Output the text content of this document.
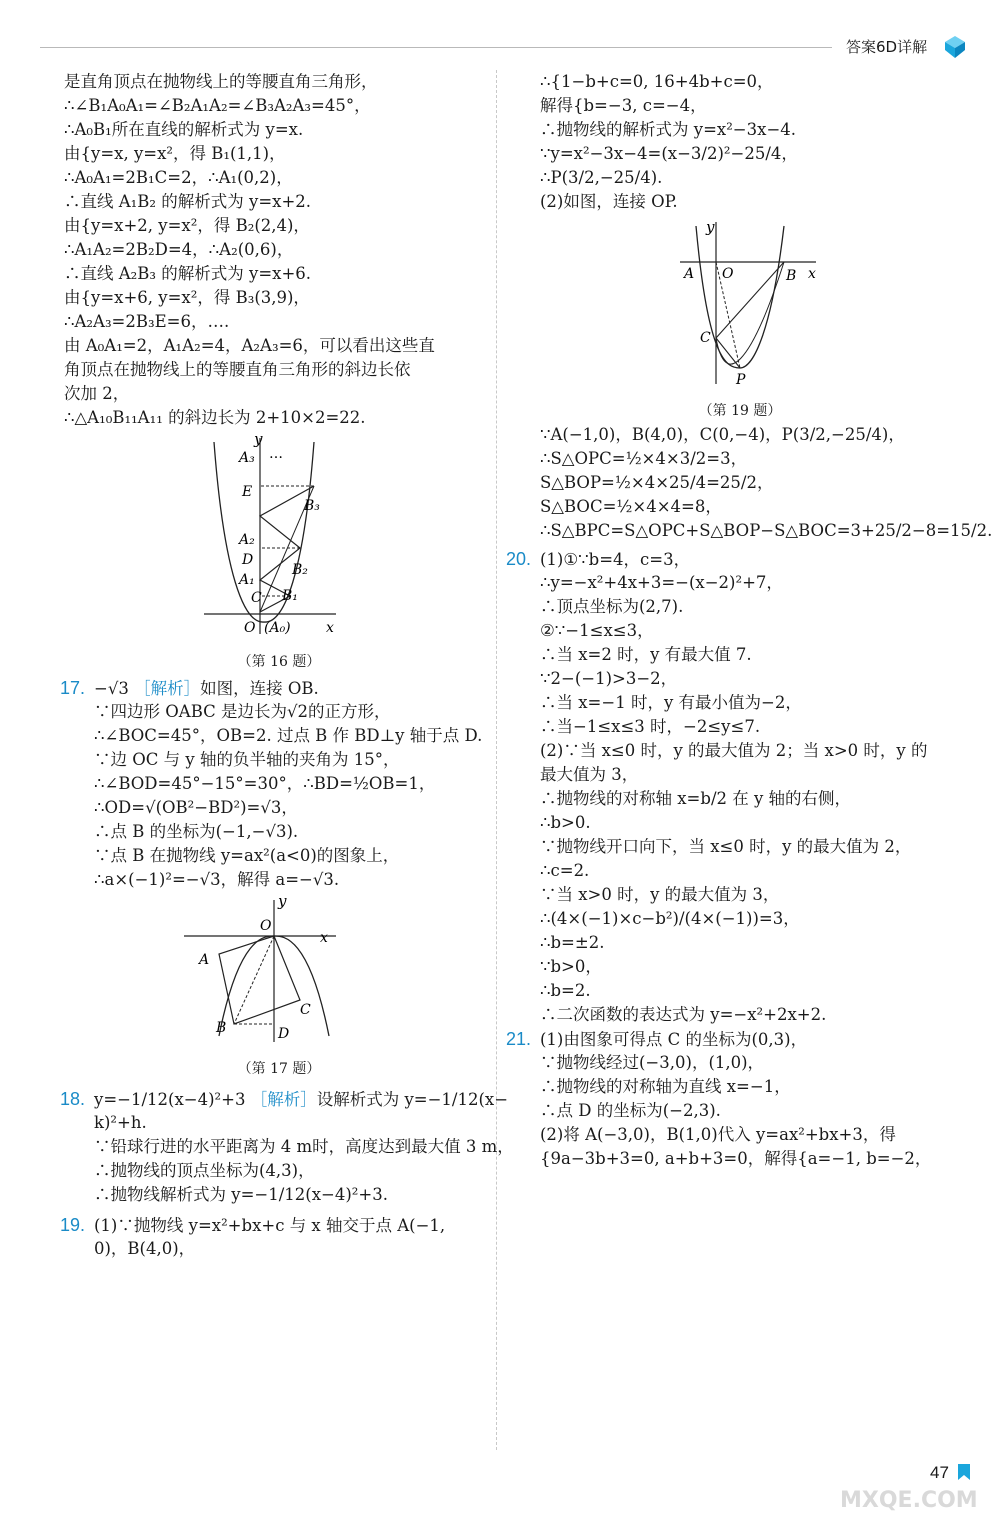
答案6D详解
是直角顶点在抛物线上的等腰直角三角形，
∴∠B₁A₀A₁=∠B₂A₁A₂=∠B₃A₂A₃=45°，
∴A₀B₁所在直线的解析式为 y=x.
由{y=x, y=x²，得 B₁(1,1)，
∴A₀A₁=2B₁C=2，∴A₁(0,2)，
∴直线 A₁B₂ 的解析式为 y=x+2.
由{y=x+2, y=x²，得 B₂(2,4)，
∴A₁A₂=2B₂D=4，∴A₂(0,6)，
∴直线 A₂B₃ 的解析式为 y=x+6.
由{y=x+6, y=x²，得 B₃(3,9)，
∴A₂A₃=2B₃E=6，….
由 A₀A₁=2，A₁A₂=4，A₂A₃=6，可以看出这些直
角顶点在抛物线上的等腰直角三角形的斜边长依
次加 2，
∴△A₁₀B₁₁A₁₁ 的斜边长为 2+10×2=22.
y
A₃ …
E
B₃
A₂
D
B₂
A₁
C B₁
O (A₀)	x
（第 16 题）
17. −√3 ［解析］如图，连接 OB.
∵四边形 OABC 是边长为√2的正方形，
∴∠BOC=45°，OB=2. 过点 B 作 BD⊥y 轴于点 D.
∵边 OC 与 y 轴的负半轴的夹角为 15°，
∴∠BOD=45°−15°=30°，∴BD=½OB=1，
∴OD=√(OB²−BD²)=√3，
∴点 B 的坐标为(−1,−√3).
∵点 B 在抛物线 y=ax²(a<0)的图象上，
∴a×(−1)²=−√3，解得 a=−√3.
y
O
x
A
C
B	D
（第 17 题）
18. y=−1/12(x−4)²+3 ［解析］设解析式为 y=−1/12(x−
k)²+h.
∵铅球行进的水平距离为 4 m时，高度达到最大值 3 m，
∴抛物线的顶点坐标为(4,3)，
∴抛物线解析式为 y=−1/12(x−4)²+3.
19. (1)∵抛物线 y=x²+bx+c 与 x 轴交于点 A(−1,
0)，B(4,0)，
∴{1−b+c=0, 16+4b+c=0，
解得{b=−3, c=−4，
∴抛物线的解析式为 y=x²−3x−4.
∵y=x²−3x−4=(x−3/2)²−25/4，
∴P(3/2,−25/4).
(2)如图，连接 OP.
y
A O	B x
C
P
（第 19 题）
∵A(−1,0)，B(4,0)，C(0,−4)，P(3/2,−25/4)，
∴S△OPC=½×4×3/2=3，
S△BOP=½×4×25/4=25/2，
S△BOC=½×4×4=8，
∴S△BPC=S△OPC+S△BOP−S△BOC=3+25/2−8=15/2.
20. (1)①∵b=4，c=3，
∴y=−x²+4x+3=−(x−2)²+7，
∴顶点坐标为(2,7).
②∵−1≤x≤3，
∴当 x=2 时，y 有最大值 7.
∵2−(−1)>3−2，
∴当 x=−1 时，y 有最小值为−2，
∴当−1≤x≤3 时，−2≤y≤7.
(2)∵当 x≤0 时，y 的最大值为 2；当 x>0 时，y 的
最大值为 3，
∴抛物线的对称轴 x=b/2 在 y 轴的右侧，
∴b>0.
∵抛物线开口向下，当 x≤0 时，y 的最大值为 2，
∴c=2.
∵当 x>0 时，y 的最大值为 3，
∴(4×(−1)×c−b²)/(4×(−1))=3，
∴b=±2.
∵b>0，
∴b=2.
∴二次函数的表达式为 y=−x²+2x+2.
21. (1)由图象可得点 C 的坐标为(0,3)，
∵抛物线经过(−3,0)，(1,0)，
∴抛物线的对称轴为直线 x=−1，
∴点 D 的坐标为(−2,3).
(2)将 A(−3,0)，B(1,0)代入 y=ax²+bx+3，得
{9a−3b+3=0, a+b+3=0，解得{a=−1, b=−2，
47
MXQE.COM
